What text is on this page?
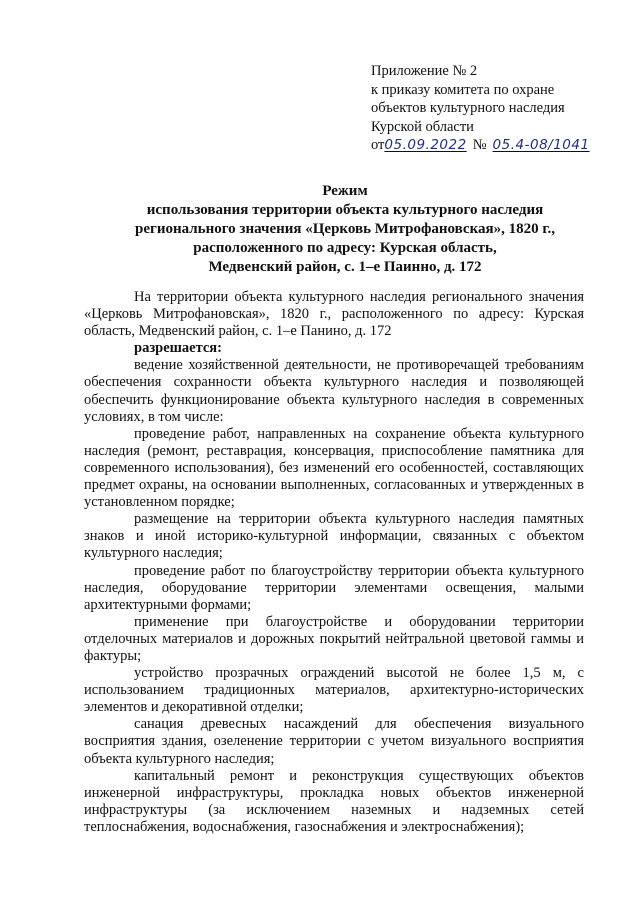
Приложение № 2
к приказу комитета по охране
объектов культурного наследия
Курской области
от05.09.2022 № 05.4-08/1041
Режим
использования территории объекта культурного наследия
регионального значения «Церковь Митрофановская», 1820 г.,
расположенного по адресу: Курская область,
Медвенский район, с. 1–е Паинно, д. 172

На территории объекта культурного наследия регионального значения «Церковь Митрофановская», 1820 г., расположенного по адресу: Курская область, Медвенский район, с. 1–е Панино, д. 172

разрешается:

ведение хозяйственной деятельности, не противоречащей требованиям обеспечения сохранности объекта культурного наследия и позволяющей обеспечить функционирование объекта культурного наследия в современных условиях, в том числе:

проведение работ, направленных на сохранение объекта культурного наследия (ремонт, реставрация, консервация, приспособление памятника для современного использования), без изменений его особенностей, составляющих предмет охраны, на основании выполненных, согласованных и утвержденных в установленном порядке;

размещение на территории объекта культурного наследия памятных знаков и иной историко-культурной информации, связанных с объектом культурного наследия;

проведение работ по благоустройству территории объекта культурного наследия, оборудование территории элементами освещения, малыми архитектурными формами;

применение при благоустройстве и оборудовании территории отделочных материалов и дорожных покрытий нейтральной цветовой гаммы и фактуры;

устройство прозрачных ограждений высотой не более 1,5 м, с использованием традиционных материалов, архитектурно-исторических элементов и декоративной отделки;

санация древесных насаждений для обеспечения визуального восприятия здания, озеленение территории с учетом визуального восприятия объекта культурного наследия;

капитальный ремонт и реконструкция существующих объектов инженерной инфраструктуры, прокладка новых объектов инженерной инфраструктуры (за исключением наземных и надземных сетей теплоснабжения, водоснабжения, газоснабжения и электроснабжения);
